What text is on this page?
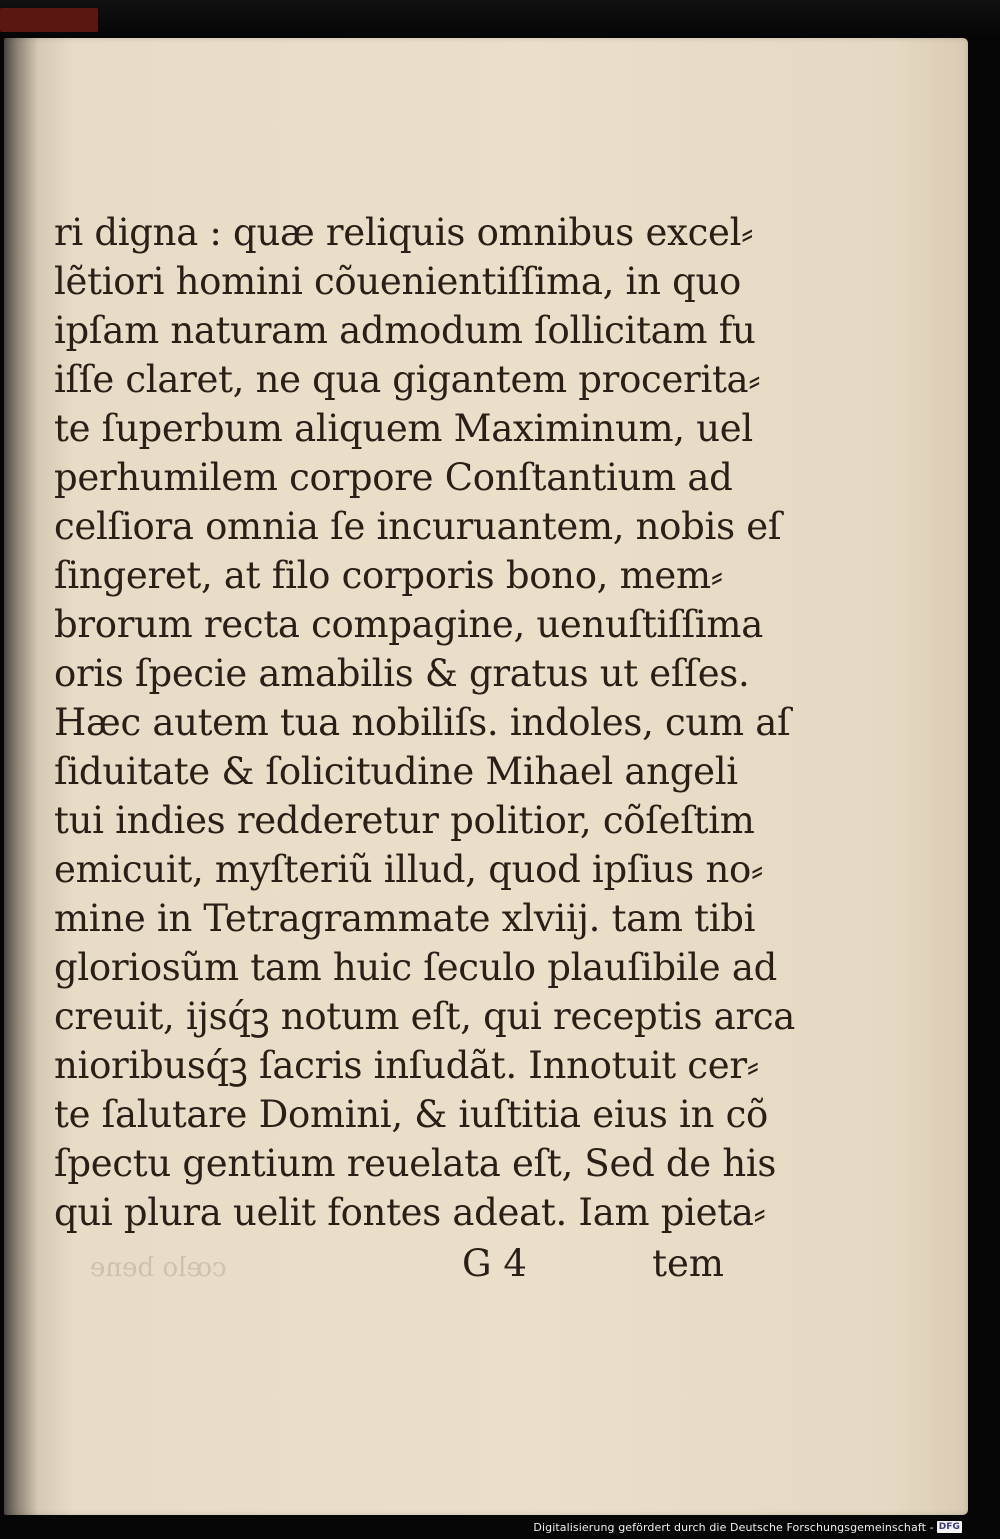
ri digna : quæ reliquis omnibus excel⸗
lẽtiori homini cõuenientiſſima, in quo
ipſam naturam admodum ſollicitam fu
iſſe claret, ne qua gigantem procerita⸗
te ſuperbum aliquem Maximinum, uel
perhumilem corpore Conſtantium ad
celſiora omnia ſe incuruantem, nobis eſ
ſingeret, at filo corporis bono, mem⸗
brorum recta compagine, uenuſtiſſima
oris ſpecie amabilis & gratus ut eſſes.
Hæc autem tua nobiliſs. indoles, cum aſ
ſiduitate & ſolicitudine Mihael angeli
tui indies redderetur politior, cõſeſtim
emicuit, myſteriũ illud, quod ipſius no⸗
mine in Tetragrammate xlviij. tam tibi
gloriosũm tam huic ſeculo plauſibile ad
creuit, ijsq́ꝫ notum eſt, qui receptis arca
nioribusq́ꝫ ſacris inſudãt. Innotuit cer⸗
te ſalutare Domini, & iuſtitia eius in cõ
ſpectu gentium reuelata eſt, Sed de his
qui plura uelit fontes adeat. Iam pieta⸗
cœlo bene	G 4	tem
Digitalisierung gefördert durch die Deutsche Forschungsgemeinschaft - DFG
